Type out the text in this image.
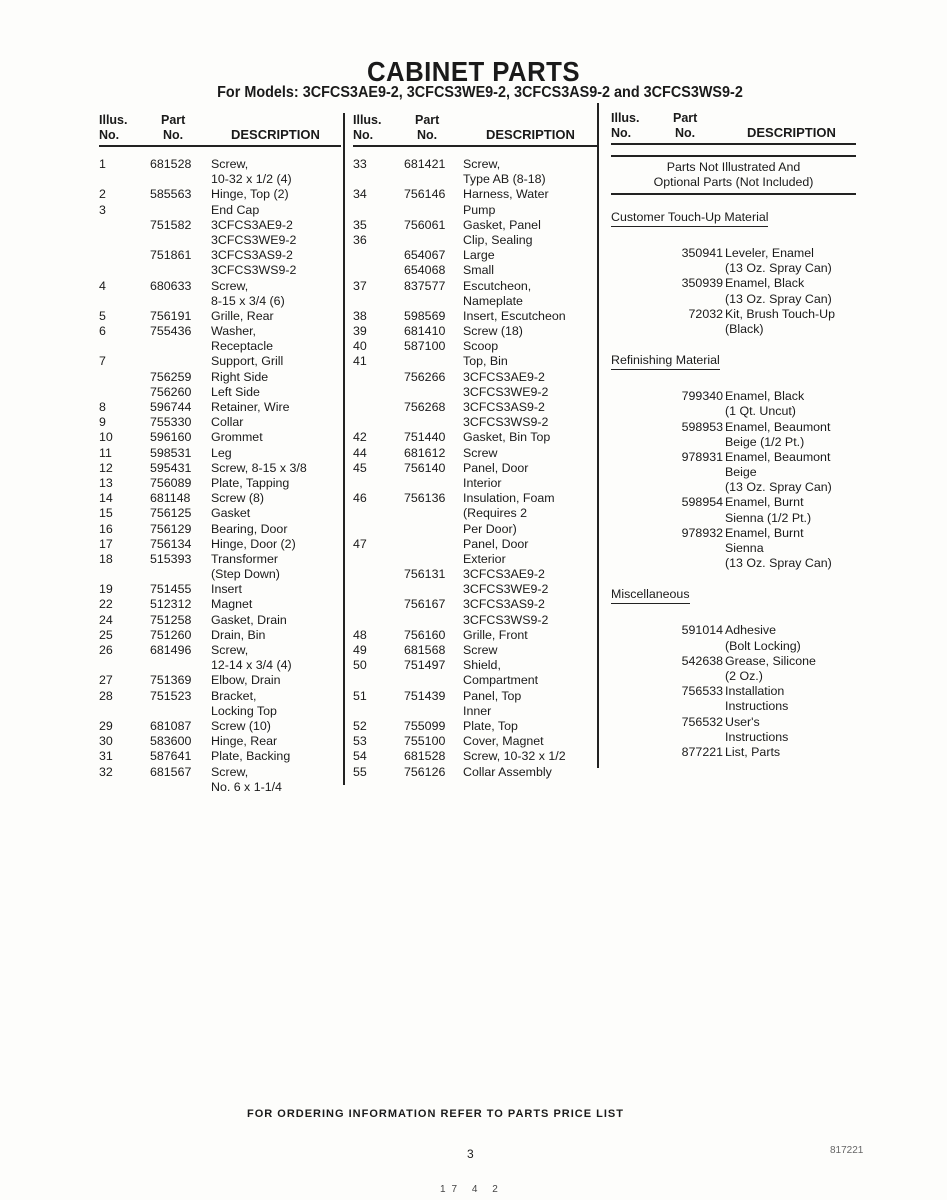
CABINET PARTS
For Models: 3CFCS3AE9-2, 3CFCS3WE9-2, 3CFCS3AS9-2 and 3CFCS3WS9-2
Illus.
No.
Part
No.	DESCRIPTION
1	681528 Screw,
10-32 x 1/2 (4)
2	585563 Hinge, Top (2)
3	End Cap
751582 3CFCS3AE9-2
3CFCS3WE9-2
751861 3CFCS3AS9-2
3CFCS3WS9-2
4	680633 Screw,
8-15 x 3/4 (6)
5	756191 Grille, Rear
6	755436 Washer,
Receptacle
7	Support, Grill
756259 Right Side
756260 Left Side
8	596744 Retainer, Wire
9	755330 Collar
10	596160 Grommet
11	598531 Leg
12	595431 Screw, 8-15 x 3/8
13	756089 Plate, Tapping
14	681148 Screw (8)
15	756125 Gasket
16	756129 Bearing, Door
17	756134 Hinge, Door (2)
18	515393 Transformer
(Step Down)
19	751455 Insert
22	512312 Magnet
24	751258 Gasket, Drain
25	751260 Drain, Bin
26	681496 Screw,
12-14 x 3/4 (4)
27	751369 Elbow, Drain
28	751523 Bracket,
Locking Top
29	681087 Screw (10)
30	583600 Hinge, Rear
31	587641 Plate, Backing
32	681567 Screw,
No. 6 x 1-1/4
Illus.
No.
Part
No.	DESCRIPTION
33	681421 Screw,
Type AB (8-18)
34	756146 Harness, Water
Pump
35	756061 Gasket, Panel
36	Clip, Sealing
654067 Large
654068 Small
37	837577 Escutcheon,
Nameplate
38	598569 Insert, Escutcheon
39	681410 Screw (18)
40	587100 Scoop
41	Top, Bin
756266 3CFCS3AE9-2
3CFCS3WE9-2
756268 3CFCS3AS9-2
3CFCS3WS9-2
42	751440 Gasket, Bin Top
44	681612 Screw
45	756140 Panel, Door
Interior
46	756136 Insulation, Foam
(Requires 2
Per Door)
47	Panel, Door
Exterior
756131 3CFCS3AE9-2
3CFCS3WE9-2
756167 3CFCS3AS9-2
3CFCS3WS9-2
48	756160 Grille, Front
49	681568 Screw
50	751497 Shield,
Compartment
51	751439 Panel, Top
Inner
52	755099 Plate, Top
53	755100 Cover, Magnet
54	681528 Screw, 10-32 x 1/2
55	756126 Collar Assembly
Illus.
No.
Part
No.	DESCRIPTION
Parts Not Illustrated And
Optional Parts (Not Included)
Customer Touch-Up Material
350941 Leveler, Enamel
(13 Oz. Spray Can)
350939 Enamel, Black
(13 Oz. Spray Can)
72032 Kit, Brush Touch-Up
(Black)
Refinishing Material
799340 Enamel, Black
(1 Qt. Uncut)
598953 Enamel, Beaumont
Beige (1/2 Pt.)
978931 Enamel, Beaumont
Beige
(13 Oz. Spray Can)
598954 Enamel, Burnt
Sienna (1/2 Pt.)
978932 Enamel, Burnt
Sienna
(13 Oz. Spray Can)
Miscellaneous
591014 Adhesive
(Bolt Locking)
542638 Grease, Silicone
(2 Oz.)
756533 Installation
Instructions
756532 User's
Instructions
877221 List, Parts
FOR ORDERING INFORMATION REFER TO PARTS PRICE LIST
3	817221
17 4 2
